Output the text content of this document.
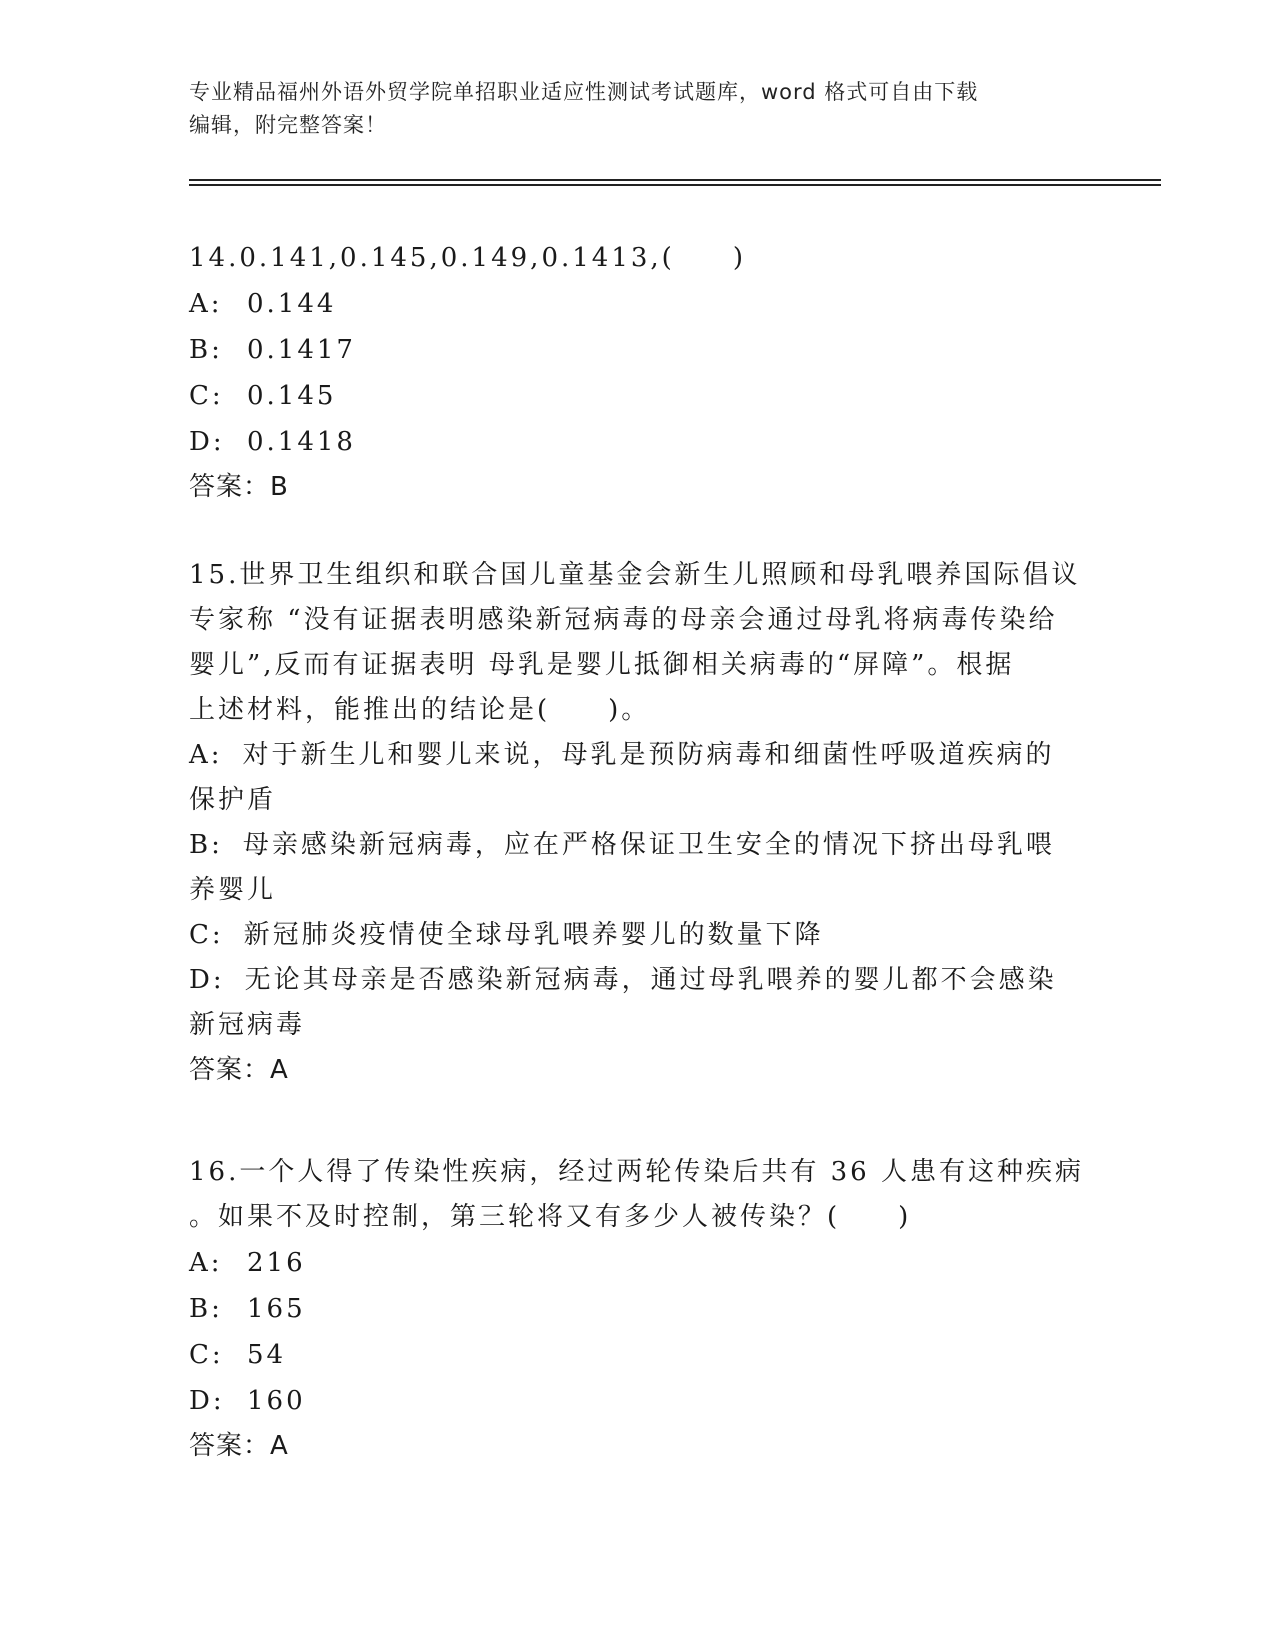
专业精品福州外语外贸学院单招职业适应性测试考试题库，word 格式可自由下载
编辑，附完整答案！

14.0.141,0.145,0.149,0.1413,(　　)

A: 0.144

B: 0.1417

C: 0.145

D: 0.1418

答案：B

15.世界卫生组织和联合国儿童基金会新生儿照顾和母乳喂养国际倡议

专家称 “没有证据表明感染新冠病毒的母亲会通过母乳将病毒传染给

婴儿”,反而有证据表明 母乳是婴儿抵御相关病毒的“屏障”。根据

上述材料，能推出的结论是(　　)。

A: 对于新生儿和婴儿来说，母乳是预防病毒和细菌性呼吸道疾病的

保护盾

B: 母亲感染新冠病毒，应在严格保证卫生安全的情况下挤出母乳喂

养婴儿

C: 新冠肺炎疫情使全球母乳喂养婴儿的数量下降

D: 无论其母亲是否感染新冠病毒，通过母乳喂养的婴儿都不会感染

新冠病毒

答案：A

16.一个人得了传染性疾病，经过两轮传染后共有 36 人患有这种疾病

。如果不及时控制，第三轮将又有多少人被传染？(　　)

A: 216

B: 165

C: 54

D: 160

答案：A
